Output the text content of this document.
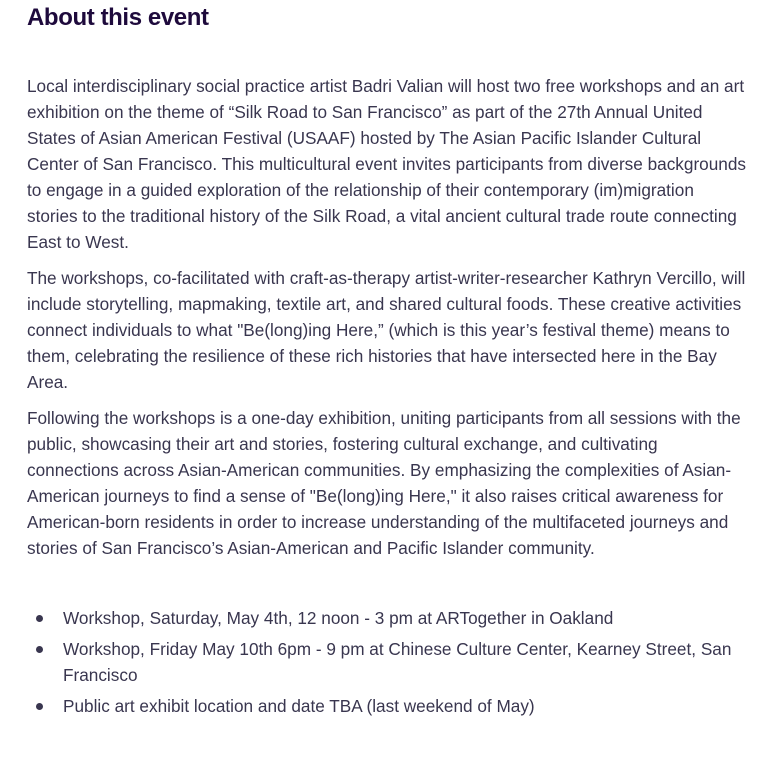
About this event

Local interdisciplinary social practice artist Badri Valian will host two free workshops and an art exhibition on the theme of “Silk Road to San Francisco” as part of the 27th Annual United States of Asian American Festival (USAAF) hosted by The Asian Pacific Islander Cultural Center of San Francisco. This multicultural event invites participants from diverse backgrounds to engage in a guided exploration of the relationship of their contemporary (im)migration stories to the traditional history of the Silk Road, a vital ancient cultural trade route connecting East to West.

The workshops, co-facilitated with craft-as-therapy artist-writer-researcher Kathryn Vercillo, will include storytelling, mapmaking, textile art, and shared cultural foods. These creative activities connect individuals to what "Be(long)ing Here,” (which is this year’s festival theme) means to them, celebrating the resilience of these rich histories that have intersected here in the Bay Area.

Following the workshops is a one-day exhibition, uniting participants from all sessions with the public, showcasing their art and stories, fostering cultural exchange, and cultivating connections across Asian-American communities. By emphasizing the complexities of Asian-American journeys to find a sense of "Be(long)ing Here," it also raises critical awareness for American-born residents in order to increase understanding of the multifaceted journeys and stories of San Francisco’s Asian-American and Pacific Islander community.

Workshop, Saturday, May 4th, 12 noon - 3 pm at ARTogether in Oakland
Workshop, Friday May 10th 6pm - 9 pm at Chinese Culture Center, Kearney Street, San Francisco
Public art exhibit location and date TBA (last weekend of May)
